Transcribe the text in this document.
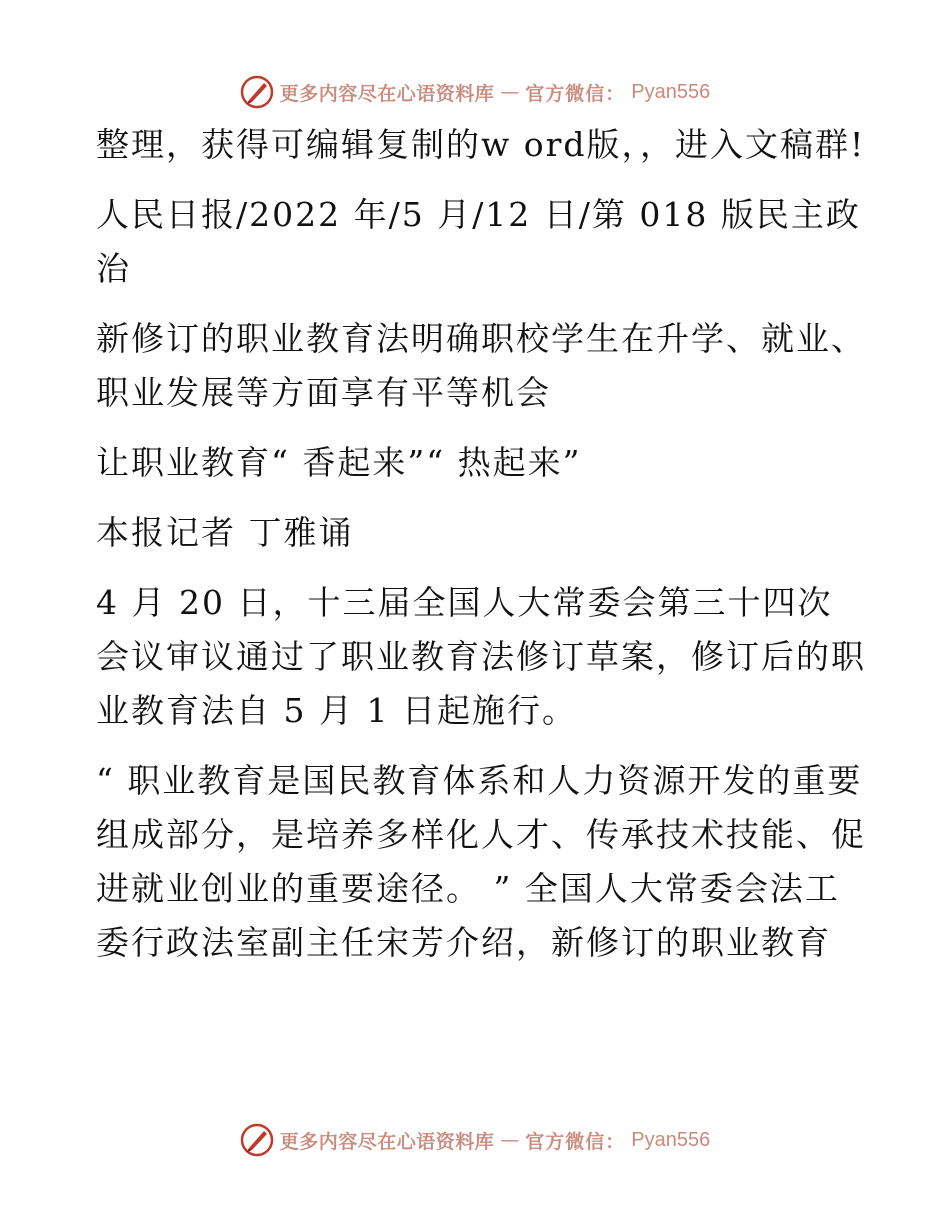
更多内容尽在心语资料库 — 官方微信： Pyan556

整理，获得可编辑复制的w ord版，，进入文稿群!

人民日报/2022 年/5 月/12 日/第 018 版民主政治

新修订的职业教育法明确职校学生在升学、就业、职业发展等方面享有平等机会

让职业教育“ 香起来”“ 热起来”

本报记者 丁雅诵

4 月 20 日，十三届全国人大常委会第三十四次会议审议通过了职业教育法修订草案，修订后的职业教育法自 5 月 1 日起施行。

“ 职业教育是国民教育体系和人力资源开发的重要组成部分，是培养多样化人才、传承技术技能、促进就业创业的重要途径。 ” 全国人大常委会法工委行政法室副主任宋芳介绍，新修订的职业教育

更多内容尽在心语资料库 — 官方微信： Pyan556
